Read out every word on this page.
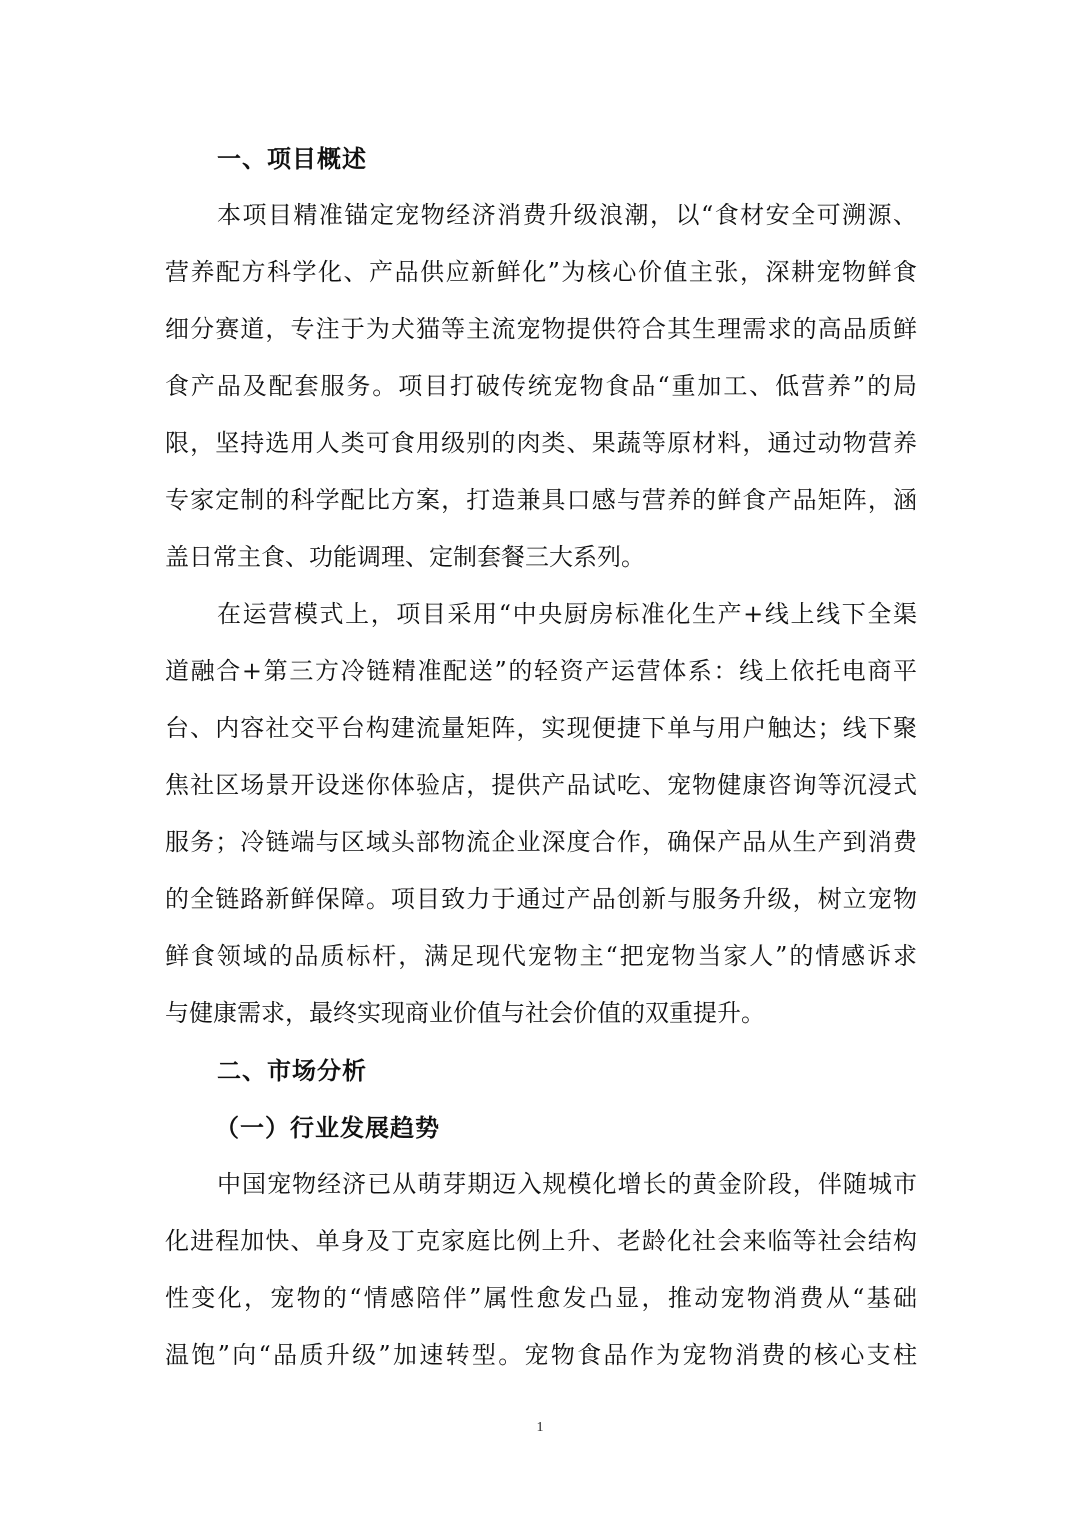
一、项目概述

本项目精准锚定宠物经济消费升级浪潮，以“食材安全可溯源、
营养配方科学化、产品供应新鲜化”为核心价值主张，深耕宠物鲜食
细分赛道，专注于为犬猫等主流宠物提供符合其生理需求的高品质鲜
食产品及配套服务。项目打破传统宠物食品“重加工、低营养”的局
限，坚持选用人类可食用级别的肉类、果蔬等原材料，通过动物营养
专家定制的科学配比方案，打造兼具口感与营养的鲜食产品矩阵，涵
盖日常主食、功能调理、定制套餐三大系列。

在运营模式上，项目采用“中央厨房标准化生产+线上线下全渠
道融合+第三方冷链精准配送”的轻资产运营体系：线上依托电商平
台、内容社交平台构建流量矩阵，实现便捷下单与用户触达；线下聚
焦社区场景开设迷你体验店，提供产品试吃、宠物健康咨询等沉浸式
服务；冷链端与区域头部物流企业深度合作，确保产品从生产到消费
的全链路新鲜保障。项目致力于通过产品创新与服务升级，树立宠物
鲜食领域的品质标杆，满足现代宠物主“把宠物当家人”的情感诉求
与健康需求，最终实现商业价值与社会价值的双重提升。

二、市场分析
（一）行业发展趋势

中国宠物经济已从萌芽期迈入规模化增长的黄金阶段，伴随城市
化进程加快、单身及丁克家庭比例上升、老龄化社会来临等社会结构
性变化，宠物的“情感陪伴”属性愈发凸显，推动宠物消费从“基础
温饱”向“品质升级”加速转型。宠物食品作为宠物消费的核心支柱

1
